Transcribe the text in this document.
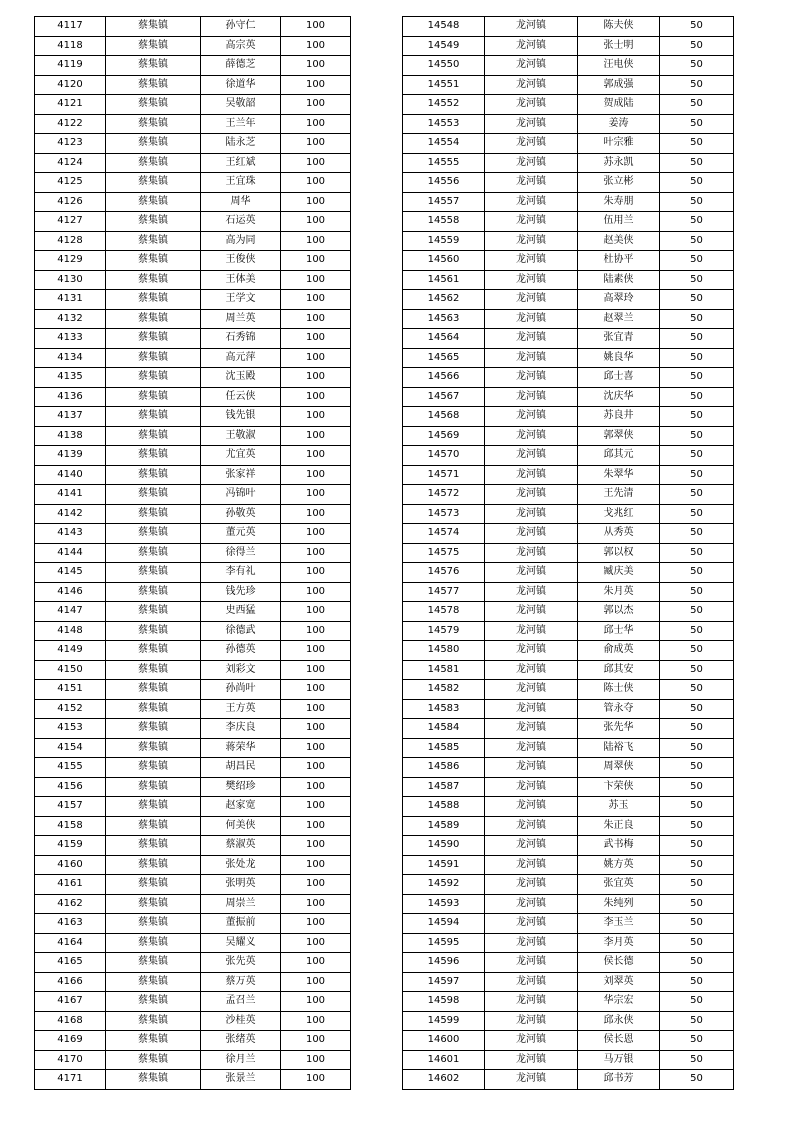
4117	蔡集镇	孙守仁	100
4118	蔡集镇	高宗英	100
4119	蔡集镇	薛德芝	100
4120	蔡集镇	徐道华	100
4121	蔡集镇	吴敬韶	100
4122	蔡集镇	王兰年	100
4123	蔡集镇	陆永芝	100
4124	蔡集镇	王红斌	100
4125	蔡集镇	王宜珠	100
4126	蔡集镇	周华	100
4127	蔡集镇	石运英	100
4128	蔡集镇	高为同	100
4129	蔡集镇	王俊侠	100
4130	蔡集镇	王体美	100
4131	蔡集镇	王学文	100
4132	蔡集镇	周兰英	100
4133	蔡集镇	石秀锦	100
4134	蔡集镇	高元萍	100
4135	蔡集镇	沈玉殿	100
4136	蔡集镇	任云侠	100
4137	蔡集镇	钱先银	100
4138	蔡集镇	王敬淑	100
4139	蔡集镇	尤宜英	100
4140	蔡集镇	张家祥	100
4141	蔡集镇	冯锦叶	100
4142	蔡集镇	孙敬英	100
4143	蔡集镇	董元英	100
4144	蔡集镇	徐得兰	100
4145	蔡集镇	李有礼	100
4146	蔡集镇	钱先珍	100
4147	蔡集镇	史西猛	100
4148	蔡集镇	徐德武	100
4149	蔡集镇	孙德英	100
4150	蔡集镇	刘彩文	100
4151	蔡集镇	孙尚叶	100
4152	蔡集镇	王方英	100
4153	蔡集镇	李庆良	100
4154	蔡集镇	蒋荣华	100
4155	蔡集镇	胡昌民	100
4156	蔡集镇	樊绍珍	100
4157	蔡集镇	赵家宽	100
4158	蔡集镇	何美侠	100
4159	蔡集镇	蔡淑英	100
4160	蔡集镇	张处龙	100
4161	蔡集镇	张明英	100
4162	蔡集镇	周崇兰	100
4163	蔡集镇	董振前	100
4164	蔡集镇	吴耀义	100
4165	蔡集镇	张先英	100
4166	蔡集镇	蔡万英	100
4167	蔡集镇	孟召兰	100
4168	蔡集镇	沙桂英	100
4169	蔡集镇	张绪英	100
4170	蔡集镇	徐月兰	100
4171	蔡集镇	张景兰	100
14548	龙河镇	陈夫侠	50
14549	龙河镇	张士明	50
14550	龙河镇	汪电侠	50
14551	龙河镇	郭成强	50
14552	龙河镇	贺成陆	50
14553	龙河镇	姜涛	50
14554	龙河镇	叶宗雅	50
14555	龙河镇	苏永凯	50
14556	龙河镇	张立彬	50
14557	龙河镇	朱寿朋	50
14558	龙河镇	伍用兰	50
14559	龙河镇	赵美侠	50
14560	龙河镇	杜协平	50
14561	龙河镇	陆素侠	50
14562	龙河镇	高翠玲	50
14563	龙河镇	赵翠兰	50
14564	龙河镇	张宜青	50
14565	龙河镇	姚良华	50
14566	龙河镇	邱士喜	50
14567	龙河镇	沈庆华	50
14568	龙河镇	苏良井	50
14569	龙河镇	郭翠侠	50
14570	龙河镇	邱其元	50
14571	龙河镇	朱翠华	50
14572	龙河镇	王先清	50
14573	龙河镇	戈兆红	50
14574	龙河镇	从秀英	50
14575	龙河镇	郭以权	50
14576	龙河镇	臧庆美	50
14577	龙河镇	朱月英	50
14578	龙河镇	郭以杰	50
14579	龙河镇	邱士华	50
14580	龙河镇	俞成英	50
14581	龙河镇	邱其安	50
14582	龙河镇	陈士侠	50
14583	龙河镇	管永夺	50
14584	龙河镇	张先华	50
14585	龙河镇	陆裕飞	50
14586	龙河镇	周翠侠	50
14587	龙河镇	卞荣侠	50
14588	龙河镇	苏玉	50
14589	龙河镇	朱正良	50
14590	龙河镇	武书梅	50
14591	龙河镇	姚方英	50
14592	龙河镇	张宜英	50
14593	龙河镇	朱纯列	50
14594	龙河镇	李玉兰	50
14595	龙河镇	李月英	50
14596	龙河镇	侯长德	50
14597	龙河镇	刘翠英	50
14598	龙河镇	华宗宏	50
14599	龙河镇	邱永侠	50
14600	龙河镇	侯长恩	50
14601	龙河镇	马万银	50
14602	龙河镇	邱书芳	50
